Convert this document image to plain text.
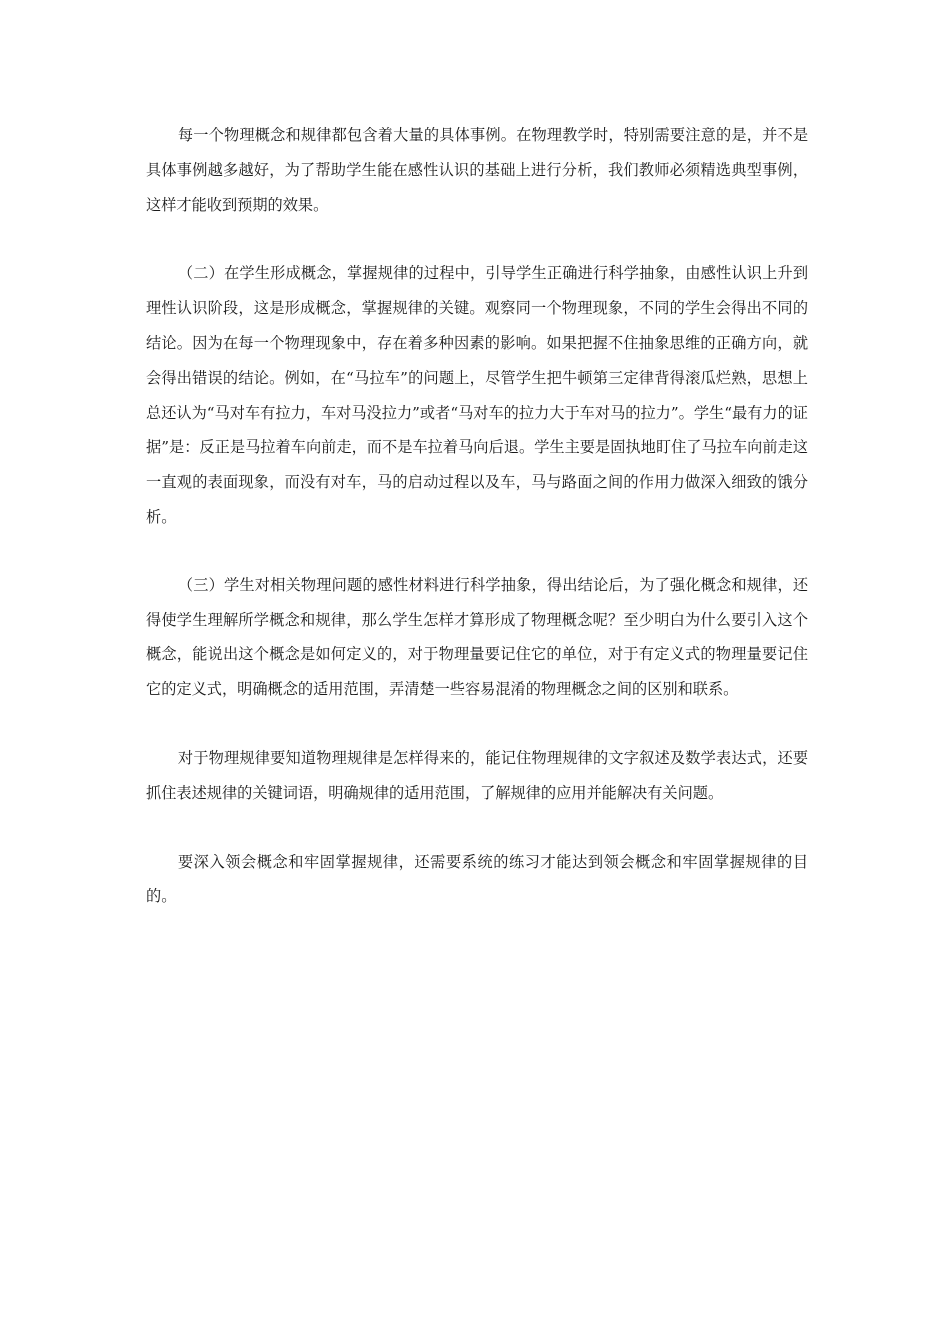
每一个物理概念和规律都包含着大量的具体事例。在物理教学时，特别需要注意的是，并不是具体事例越多越好，为了帮助学生能在感性认识的基础上进行分析，我们教师必须精选典型事例，这样才能收到预期的效果。

（二）在学生形成概念，掌握规律的过程中，引导学生正确进行科学抽象，由感性认识上升到理性认识阶段，这是形成概念，掌握规律的关键。观察同一个物理现象，不同的学生会得出不同的结论。因为在每一个物理现象中，存在着多种因素的影响。如果把握不住抽象思维的正确方向，就会得出错误的结论。例如，在“马拉车”的问题上，尽管学生把牛顿第三定律背得滚瓜烂熟，思想上总还认为“马对车有拉力，车对马没拉力”或者“马对车的拉力大于车对马的拉力”。学生“最有力的证据”是：反正是马拉着车向前走，而不是车拉着马向后退。学生主要是固执地盯住了马拉车向前走这一直观的表面现象，而没有对车，马的启动过程以及车，马与路面之间的作用力做深入细致的饿分析。

（三）学生对相关物理问题的感性材料进行科学抽象，得出结论后，为了强化概念和规律，还得使学生理解所学概念和规律，那么学生怎样才算形成了物理概念呢？至少明白为什么要引入这个概念，能说出这个概念是如何定义的，对于物理量要记住它的单位，对于有定义式的物理量要记住它的定义式，明确概念的适用范围，弄清楚一些容易混淆的物理概念之间的区别和联系。

对于物理规律要知道物理规律是怎样得来的，能记住物理规律的文字叙述及数学表达式，还要抓住表述规律的关键词语，明确规律的适用范围，了解规律的应用并能解决有关问题。

要深入领会概念和牢固掌握规律，还需要系统的练习才能达到领会概念和牢固掌握规律的目的。
